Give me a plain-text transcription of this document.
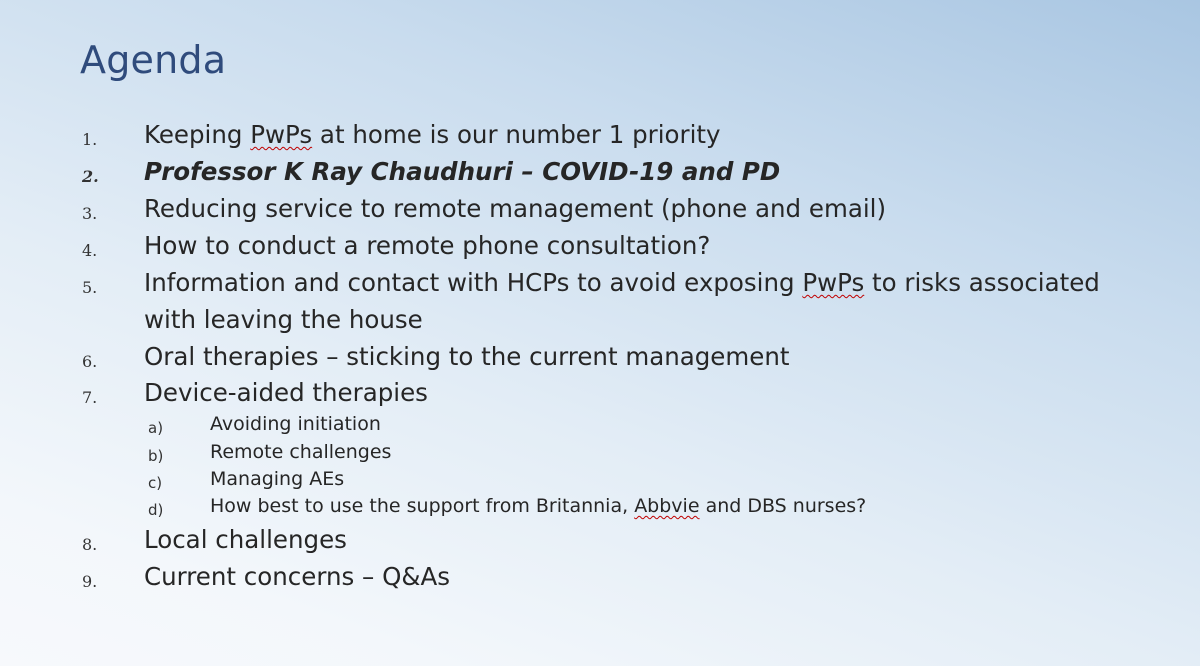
Agenda
1. Keeping PwPs at home is our number 1 priority
2. Professor K Ray Chaudhuri – COVID-19 and PD
3. Reducing service to remote management (phone and email)
4. How to conduct a remote phone consultation?
5. Information and contact with HCPs to avoid exposing PwPs to risks associated
with leaving the house
6. Oral therapies – sticking to the current management
7. Device-aided therapies
a) Avoiding initiation
b) Remote challenges
c)	Managing AEs
d) How best to use the support from Britannia, Abbvie and DBS nurses?
8. Local challenges
9. Current concerns – Q&As
